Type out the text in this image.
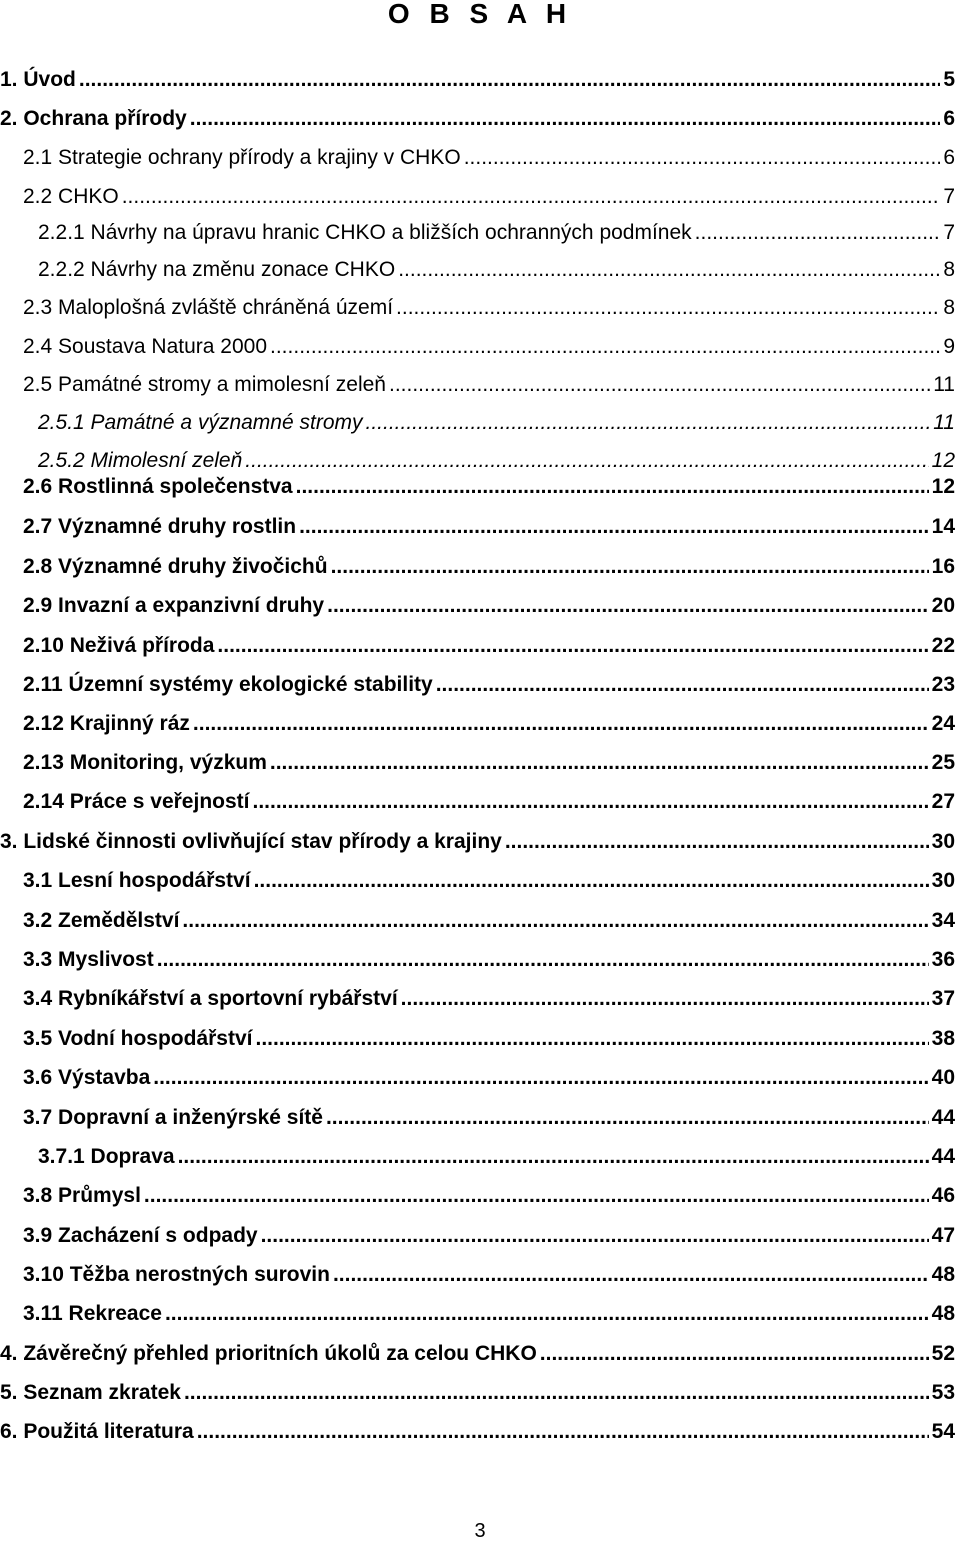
O B S A H
1. Úvod .....	5
2. Ochrana přírody .....	6
2.1 Strategie ochrany přírody a krajiny v CHKO .....	6
2.2 CHKO .....	7
2.2.1 Návrhy na úpravu hranic CHKO a bližších ochranných podmínek .....	7
2.2.2 Návrhy na změnu zonace CHKO .....	8
2.3 Maloplošná zvláště chráněná území .....	8
2.4 Soustava Natura 2000 .....	9
2.5 Památné stromy a mimolesní zeleň .....	11
2.5.1 Památné a významné stromy .....	11
2.5.2 Mimolesní zeleň .....	12
2.6 Rostlinná společenstva .....	12
2.7 Významné druhy rostlin .....	14
2.8 Významné druhy živočichů .....	16
2.9 Invazní a expanzivní druhy .....	20
2.10 Neživá příroda .....	22
2.11 Územní systémy ekologické stability .....	23
2.12 Krajinný ráz .....	24
2.13 Monitoring, výzkum .....	25
2.14 Práce s veřejností .....	27
3. Lidské činnosti ovlivňující stav přírody a krajiny .....	30
3.1 Lesní hospodářství .....	30
3.2 Zemědělství .....	34
3.3 Myslivost .....	36
3.4 Rybníkářství a sportovní rybářství .....	37
3.5 Vodní hospodářství .....	38
3.6 Výstavba .....	40
3.7 Dopravní a inženýrské sítě .....	44
3.7.1 Doprava .....	44
3.8 Průmysl .....	46
3.9 Zacházení s odpady .....	47
3.10 Těžba nerostných surovin .....	48
3.11 Rekreace .....	48
4. Závěrečný přehled prioritních úkolů za celou CHKO .....	52
5. Seznam zkratek .....	53
6. Použitá literatura .....	54
3
